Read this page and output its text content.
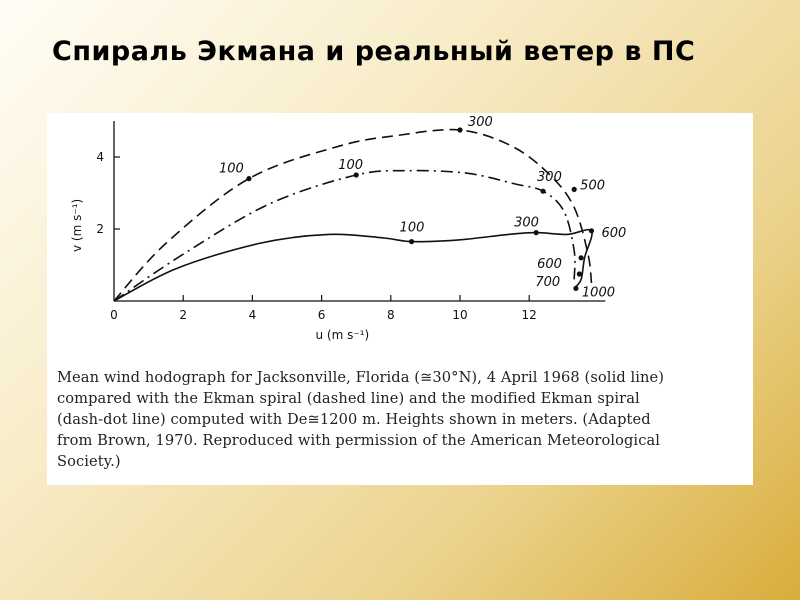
Спираль Экмана и реальный ветер в ПС
0	2	4	6	8	10	12
2
4
u (m s⁻¹)
v (m s⁻¹)
100
300
500
100
300
100	300
600
600
700
1000
Mean wind hodograph for Jacksonville, Florida (≅30°N), 4 April 1968 (solid line)
compared with the Ekman spiral (dashed line) and the modified Ekman spiral
(dash-dot line) computed with De≅1200 m. Heights shown in meters. (Adapted
from Brown, 1970. Reproduced with permission of the American Meteorological
Society.)
